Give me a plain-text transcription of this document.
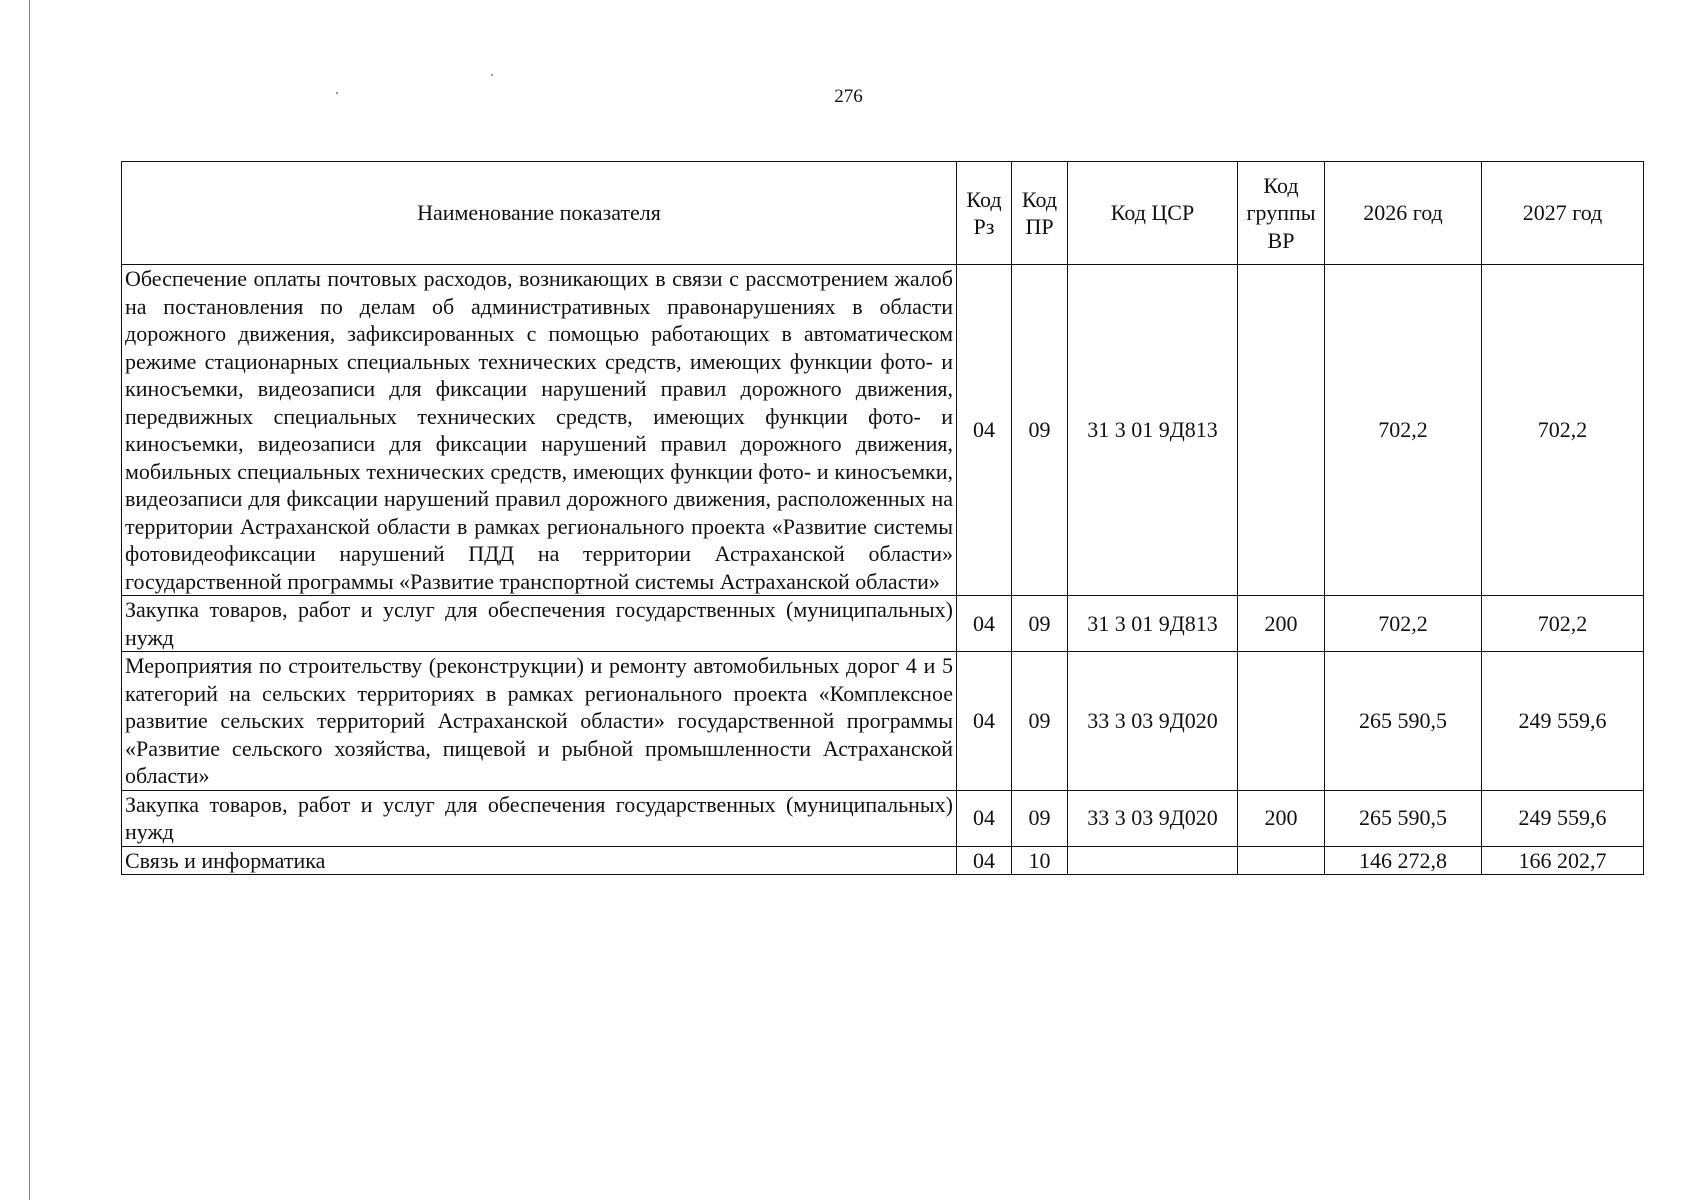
276
Наименование показателя	Код Рз	Код ПР	Код ЦСР	Код группы ВР	2026 год	2027 год
Обеспечение оплаты почтовых расходов, возникающих в связи с рассмотрением жалоб на постановления по делам об административных правонарушениях в области дорожного движения, зафиксированных с помощью работающих в автоматическом режиме стационарных специальных технических средств, имеющих функции фото- и киносъемки, видеозаписи для фиксации нарушений правил дорожного движения, передвижных специальных технических средств, имеющих функции фото- и киносъемки, видеозаписи для фиксации нарушений правил дорожного движения, мобильных специальных технических средств, имеющих функции фото- и киносъемки, видеозаписи для фиксации нарушений правил дорожного движения, расположенных на территории Астраханской области в рамках регионального проекта «Развитие системы фотовидеофиксации нарушений ПДД на территории Астраханской области» государственной программы «Развитие транспортной системы Астраханской области»	04	09	31 3 01 9Д813		702,2	702,2
Закупка товаров, работ и услуг для обеспечения государственных (муниципальных) нужд	04	09	31 3 01 9Д813	200	702,2	702,2
Мероприятия по строительству (реконструкции) и ремонту автомобильных дорог 4 и 5 категорий на сельских территориях в рамках регионального проекта «Комплексное развитие сельских территорий Астраханской области» государственной программы «Развитие сельского хозяйства, пищевой и рыбной промышленности Астраханской области»	04	09	33 3 03 9Д020		265 590,5	249 559,6
Закупка товаров, работ и услуг для обеспечения государственных (муниципальных) нужд	04	09	33 3 03 9Д020	200	265 590,5	249 559,6
Связь и информатика	04	10			146 272,8	166 202,7
